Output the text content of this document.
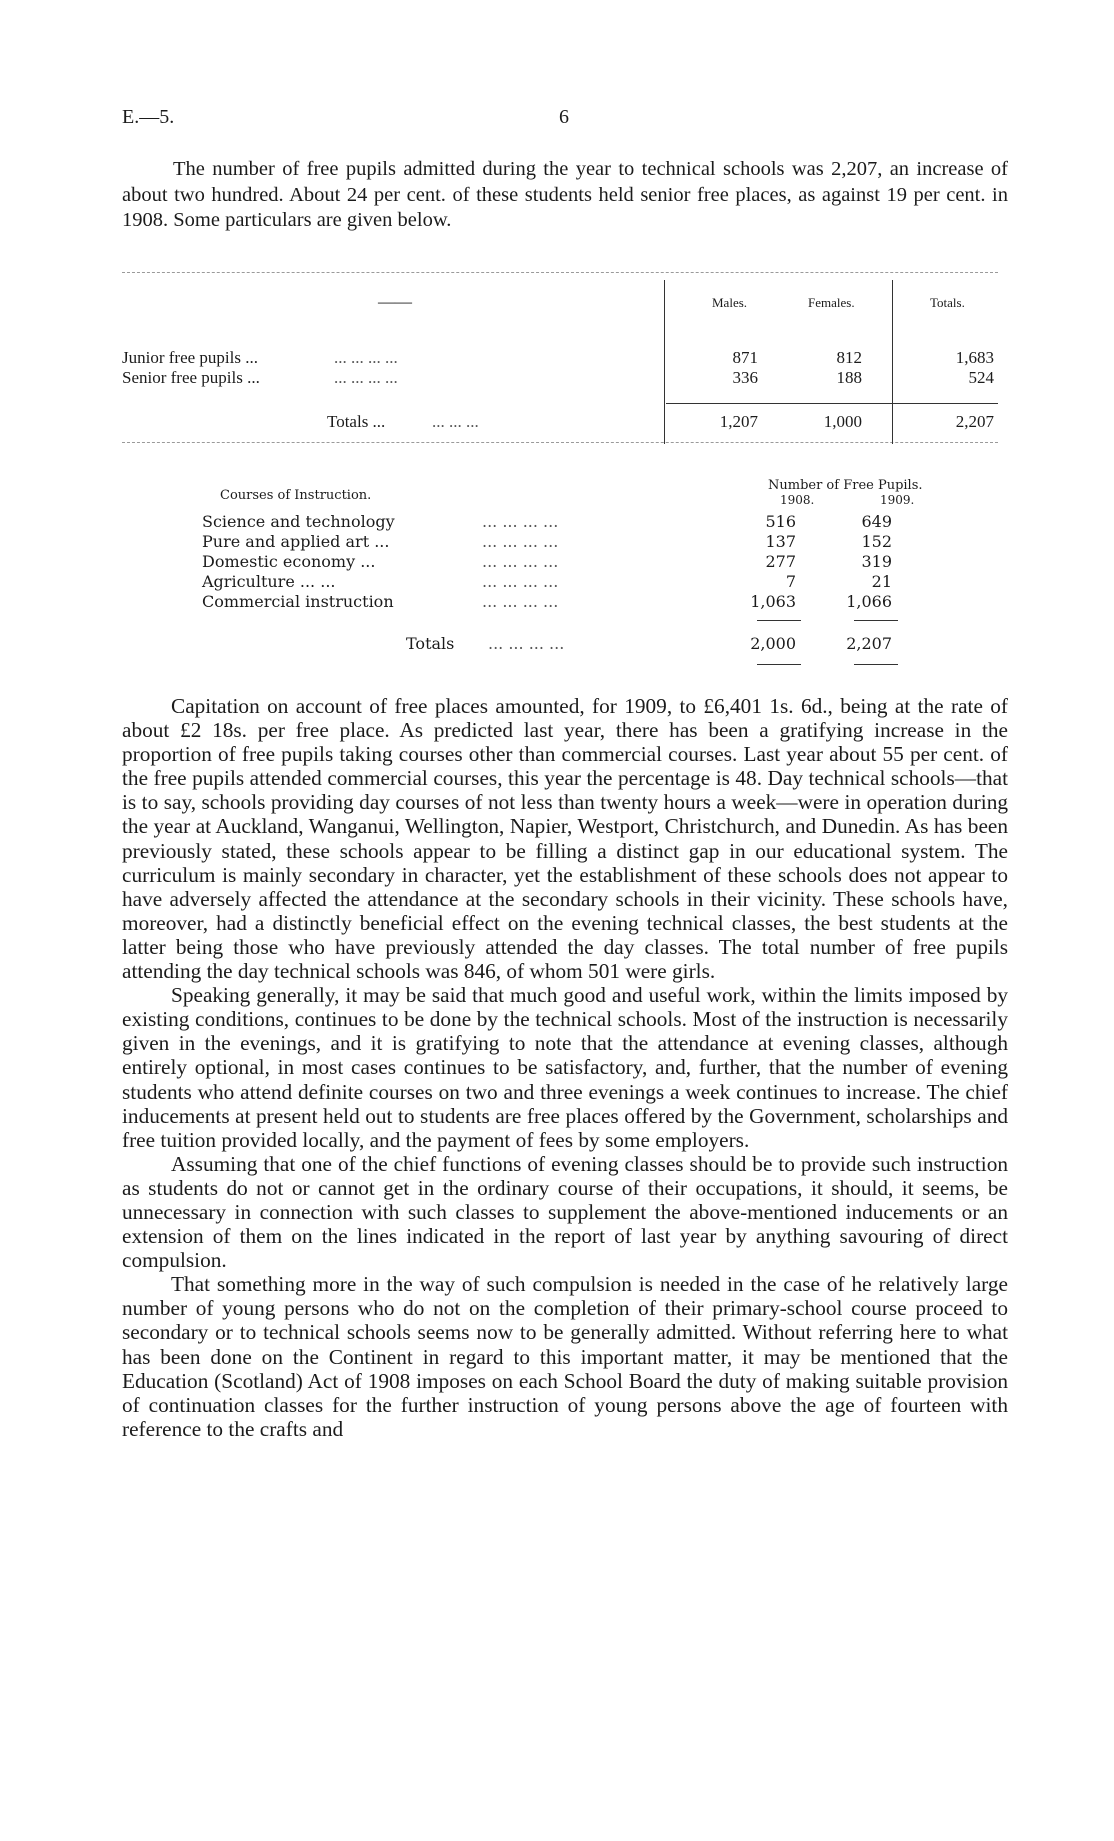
E.—5.	6

The number of free pupils admitted during the year to technical schools was 2,207, an increase of about two hundred. About 24 per cent. of these students held senior free places, as against 19 per cent. in 1908. Some particulars are given below.

——	Males.	Females.	Totals.
Junior free pupils ...	... ... ... ...	871	812	1,683
Senior free pupils ...	... ... ... ...	336	188	524
Totals ...	... ... ...	1,207	1,000	2,207
Courses of Instruction.
Number of Free Pupils.
1908.	1909.
Science and technology	... ... ... ...	516	649
Pure and applied art ...	... ... ... ...	137	152
Domestic economy ...	... ... ... ...	277	319
Agriculture ... ...	... ... ... ...	7	21
Commercial instruction	... ... ... ...	1,063	1,066
Totals ... ... ... ...	2,000	2,207

Capitation on account of free places amounted, for 1909, to £6,401 1s. 6d., being at the rate of about £2 18s. per free place. As predicted last year, there has been a gratifying increase in the proportion of free pupils taking courses other than commercial courses. Last year about 55 per cent. of the free pupils attended commercial courses, this year the percentage is 48. Day technical schools—that is to say, schools providing day courses of not less than twenty hours a week—were in operation during the year at Auckland, Wanganui, Wellington, Napier, Westport, Christchurch, and Dunedin. As has been previously stated, these schools appear to be filling a distinct gap in our educational system. The curriculum is mainly secondary in character, yet the establishment of these schools does not appear to have adversely affected the attendance at the secondary schools in their vicinity. These schools have, moreover, had a distinctly beneficial effect on the evening technical classes, the best students at the latter being those who have previously attended the day classes. The total number of free pupils attending the day technical schools was 846, of whom 501 were girls.

Speaking generally, it may be said that much good and useful work, within the limits imposed by existing conditions, continues to be done by the technical schools. Most of the instruction is necessarily given in the evenings, and it is gratifying to note that the attendance at evening classes, although entirely optional, in most cases continues to be satisfactory, and, further, that the number of evening students who attend definite courses on two and three evenings a week continues to increase. The chief inducements at present held out to students are free places offered by the Government, scholarships and free tuition provided locally, and the payment of fees by some employers.

Assuming that one of the chief functions of evening classes should be to provide such instruction as students do not or cannot get in the ordinary course of their occupations, it should, it seems, be unnecessary in connection with such classes to supplement the above-mentioned inducements or an extension of them on the lines indicated in the report of last year by anything savouring of direct compulsion.

That something more in the way of such compulsion is needed in the case of he relatively large number of young persons who do not on the completion of their primary-school course proceed to secondary or to technical schools seems now to be generally admitted. Without referring here to what has been done on the Continent in regard to this important matter, it may be mentioned that the Education (Scotland) Act of 1908 imposes on each School Board the duty of making suitable provision of continuation classes for the further instruction of young persons above the age of fourteen with reference to the crafts and
